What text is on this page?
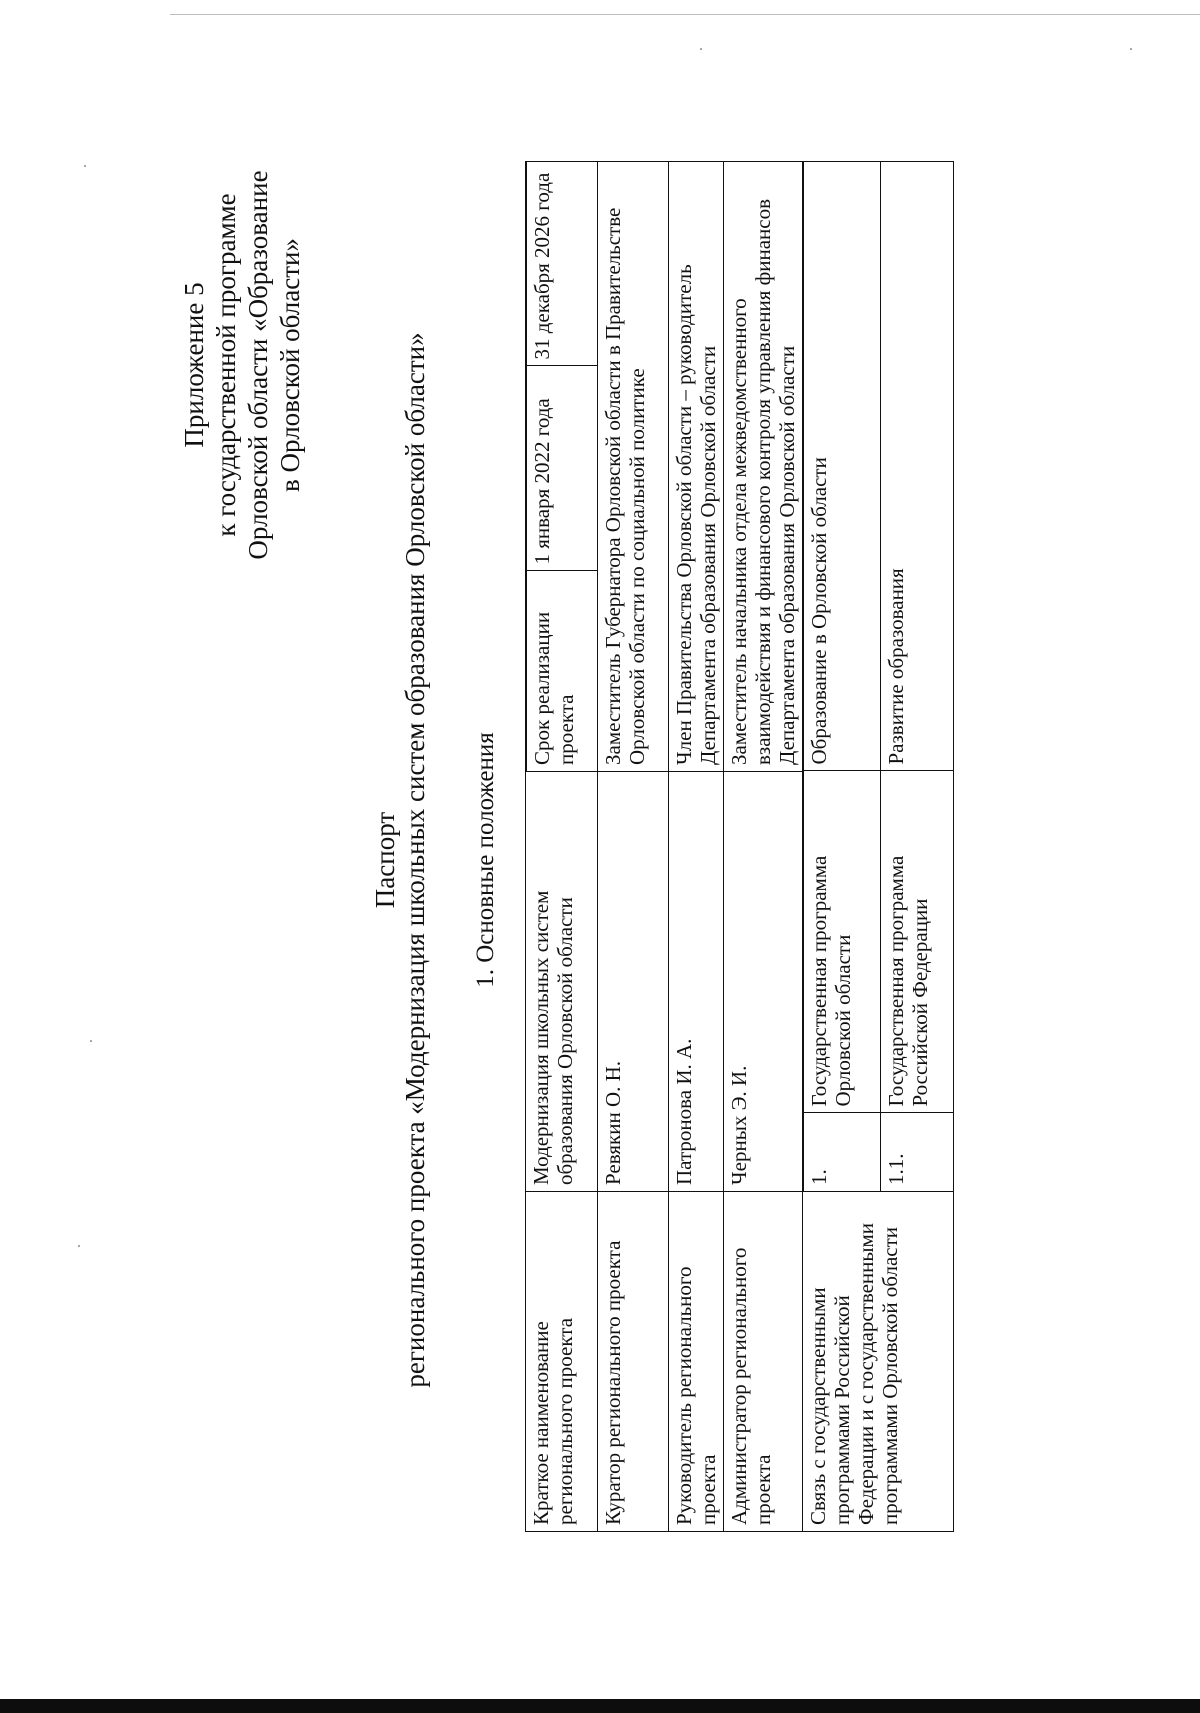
Приложение 5 к государственной программе Орловской области «Образование в Орловской области»
Паспорт регионального проекта «Модернизация школьных систем образования Орловской области» 1. Основные положения
Краткое наименование регионального проекта	Модернизация школьных систем образования Орловской области	
Срок реализации проекта	1 января 2022 года	31 декабря 2026 года

Куратор регионального проекта	Ревякин О. Н.	Заместитель Губернатора Орловской области в Правительстве Орловской области по социальной политике
Руководитель регионального проекта	Патронова И. А.	Член Правительства Орловской области – руководитель Департамента образования Орловской области
Администратор регионального проекта	Черных Э. И.	Заместитель начальника отдела межведомственного взаимодействия и финансового контроля управления финансов Департамента образования Орловской области
Связь с государственными программами Российской Федерации и с государственными программами Орловской области	
1.	Государственная программа Орловской области	Образование в Орловской области
1.1.	Государственная программа Российской Федерации	Развитие образования
